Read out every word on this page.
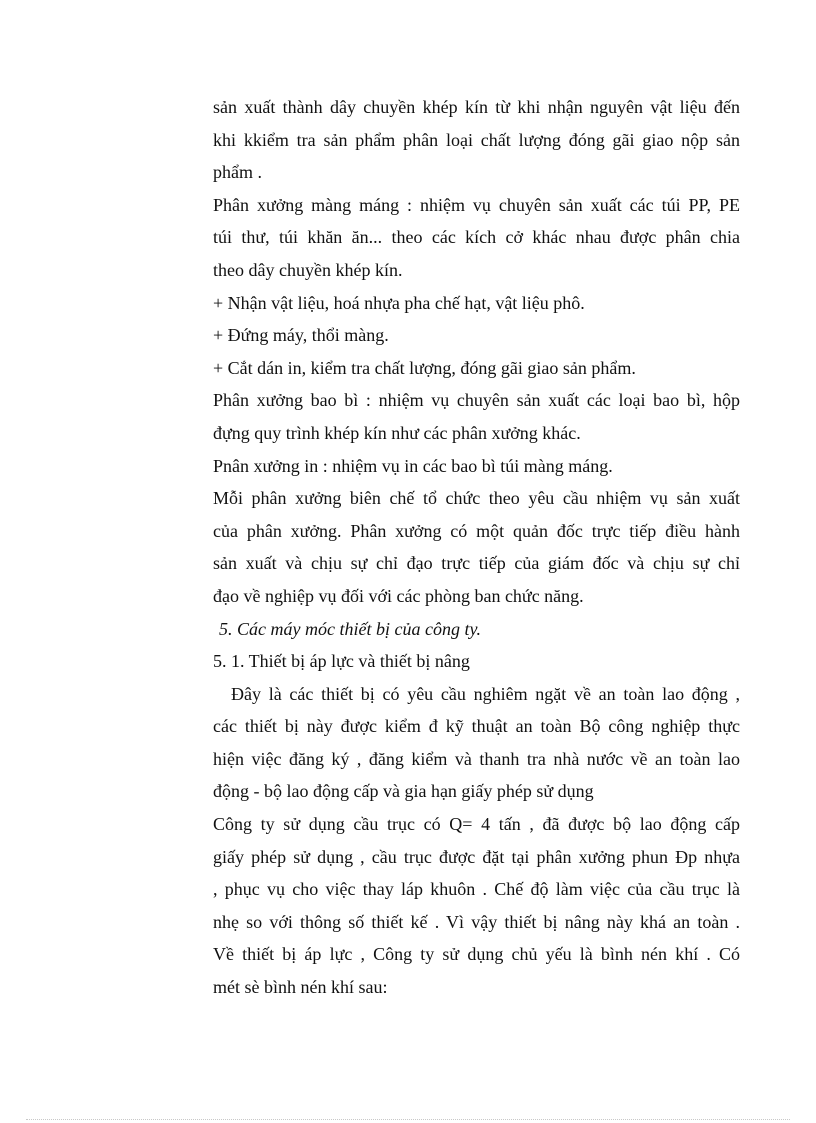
sản xuất thành dây chuyền khép kín từ khi nhận nguyên vật liệu đến
khi kkiểm tra sản phẩm phân loại chất lượng đóng gãi giao nộp sản
phẩm .
Phân xưởng màng máng : nhiệm vụ chuyên sản xuất các túi PP, PE
túi thư, túi khăn ăn... theo các kích cở khác nhau được phân chia
theo dây chuyền khép kín.
+ Nhận vật liệu, hoá nhựa pha chế hạt, vật liệu phô.
+ Đứng máy, thổi màng.
+ Cắt dán in, kiểm tra chất lượng, đóng gãi giao sản phẩm.
Phân xưởng bao bì : nhiệm vụ chuyên sản xuất các loại bao bì, hộp
đựng quy trình khép kín như các phân xưởng khác.
Pnân xưởng in : nhiệm vụ in các bao bì túi màng máng.
Mỗi phân xưởng biên chế tổ chức theo yêu cầu nhiệm vụ sản xuất
của phân xưởng. Phân xưởng có một quản đốc trực tiếp điều hành
sản xuất và chịu sự chỉ đạo trực tiếp của giám đốc và chịu sự chỉ
đạo về nghiệp vụ đối với các phòng ban chức năng.
5. Các máy móc thiết bị của công ty.
5. 1. Thiết bị áp lực và thiết bị nâng
Đây là các thiết bị có yêu cầu nghiêm ngặt về an toàn lao động ,
các thiết bị này được kiểm đ kỹ thuật an toàn Bộ công nghiệp thực
hiện việc đăng ký , đăng kiểm và thanh tra nhà nước về an toàn lao
động - bộ lao động cấp và gia hạn giấy phép sử dụng
Công ty sử dụng cầu trục có Q= 4 tấn , đã được bộ lao động cấp
giấy phép sử dụng , cầu trục được đặt tại phân xưởng phun Đp nhựa
, phục vụ cho việc thay láp khuôn . Chế độ làm việc của cầu trục là
nhẹ so với thông số thiết kế . Vì vậy thiết bị nâng này khá an toàn .
Về thiết bị áp lực , Công ty sử dụng chủ yếu là bình nén khí . Có
mét sè bình nén khí sau:
